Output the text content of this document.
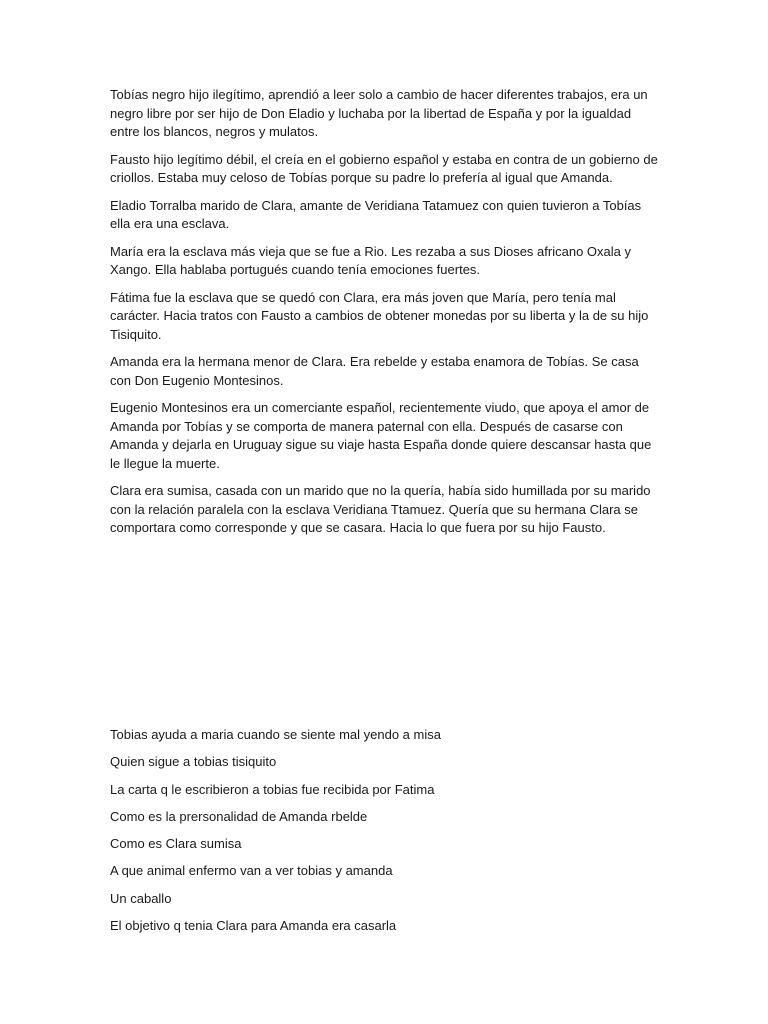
Tobías negro hijo ilegítimo, aprendió a leer solo a cambio de hacer diferentes trabajos, era un negro libre por ser hijo de Don Eladio y luchaba por la libertad de España y por la igualdad entre los blancos, negros y mulatos.

Fausto hijo legítimo débil, el creía en el gobierno español y estaba en contra de un gobierno de criollos. Estaba muy celoso de Tobías porque su padre lo prefería al igual que Amanda.

Eladio Torralba marido de Clara, amante de Veridiana Tatamuez con quien tuvieron a Tobías ella era una esclava.

María era la esclava más vieja que se fue a Rio. Les rezaba a sus Dioses africano Oxala y Xango. Ella hablaba portugués cuando tenía emociones fuertes.

Fátima fue la esclava que se quedó con Clara, era más joven que María, pero tenía mal carácter. Hacia tratos con Fausto a cambios de obtener monedas por su liberta y la de su hijo Tisiquito.

Amanda era la hermana menor de Clara. Era rebelde y estaba enamora de Tobías. Se casa con Don Eugenio Montesinos.

Eugenio Montesinos era un comerciante español, recientemente viudo, que apoya el amor de Amanda por Tobías y se comporta de manera paternal con ella. Después de casarse con Amanda y dejarla en Uruguay sigue su viaje hasta España donde quiere descansar hasta que le llegue la muerte.

Clara era sumisa, casada con un marido que no la quería, había sido humillada por su marido con la relación paralela con la esclava Veridiana Ttamuez. Quería que su hermana Clara se comportara como corresponde y que se casara. Hacia lo que fuera por su hijo Fausto.

Tobias ayuda a maria cuando se siente mal yendo a misa

Quien sigue a tobias tisiquito

La carta q le escribieron a tobias fue recibida por Fatima

Como es la prersonalidad de Amanda rbelde

Como es Clara sumisa

A que animal enfermo van a ver tobias y amanda

Un caballo

El objetivo q tenia Clara para Amanda era casarla
